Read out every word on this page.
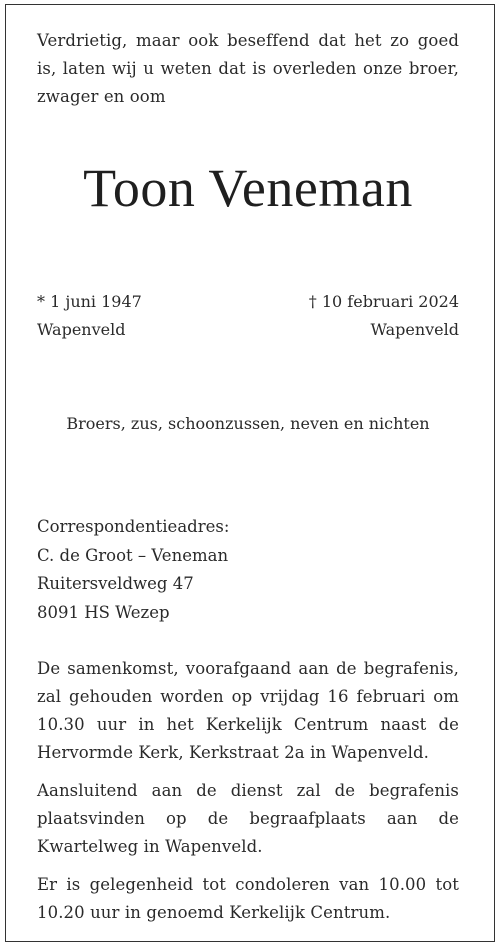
Verdrietig, maar ook beseffend dat het zo goed is, laten wij u weten dat is overleden onze broer, zwager en oom

Toon Veneman
* 1 juni 1947
Wapenveld
† 10 februari 2024
Wapenveld
Broers, zus, schoonzussen, neven en nichten
Correspondentieadres:
C. de Groot – Veneman
Ruitersveldweg 47
8091 HS Wezep

De samenkomst, voorafgaand aan de begrafenis, zal gehouden worden op vrijdag 16 februari om 10.30 uur in het Kerkelijk Centrum naast de Hervormde Kerk, Kerkstraat 2a in Wapenveld.

Aansluitend aan de dienst zal de begrafenis plaatsvinden op de begraafplaats aan de Kwartelweg in Wapenveld.

Er is gelegenheid tot condoleren van 10.00 tot 10.20 uur in genoemd Kerkelijk Centrum.
